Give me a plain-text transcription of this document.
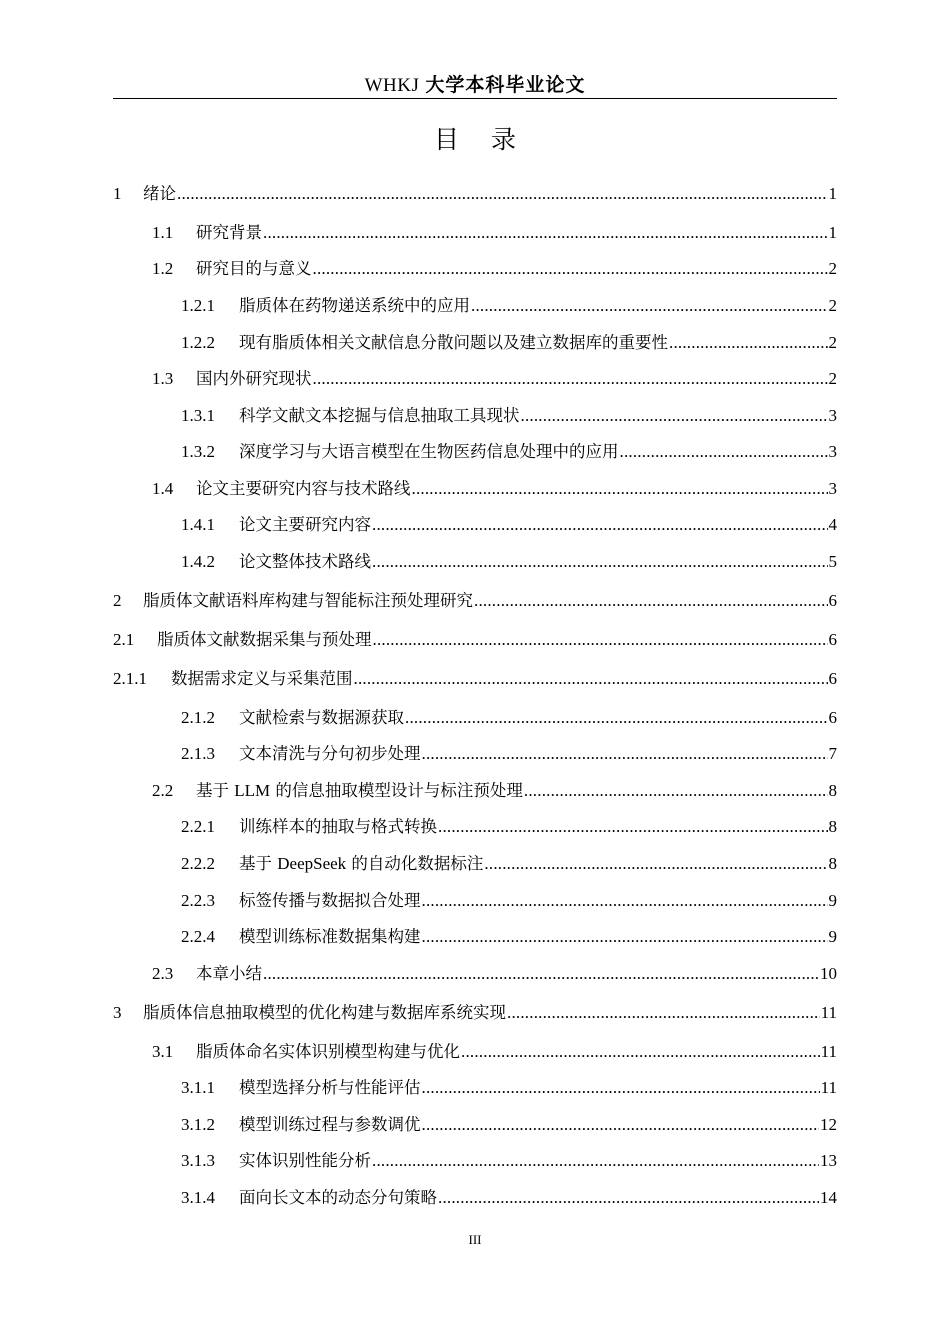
WHKJ 大学本科毕业论文
目录
1	绪论 .....	1
1.1	研究背景 .....	1
1.2	研究目的与意义 .....	2
1.2.1	脂质体在药物递送系统中的应用 .....	2
1.2.2	现有脂质体相关文献信息分散问题以及建立数据库的重要性 .....	2
1.3	国内外研究现状 .....	2
1.3.1	科学文献文本挖掘与信息抽取工具现状 .....	3
1.3.2	深度学习与大语言模型在生物医药信息处理中的应用 .....	3
1.4	论文主要研究内容与技术路线 .....	3
1.4.1	论文主要研究内容 .....	4
1.4.2	论文整体技术路线 .....	5
2	脂质体文献语料库构建与智能标注预处理研究 .....	6
2.1	脂质体文献数据采集与预处理 .....	6
2.1.1	数据需求定义与采集范围 .....	6
2.1.2	文献检索与数据源获取 .....	6
2.1.3	文本清洗与分句初步处理 .....	7
2.2	基于 LLM 的信息抽取模型设计与标注预处理 .....	8
2.2.1	训练样本的抽取与格式转换 .....	8
2.2.2	基于 DeepSeek 的自动化数据标注 .....	8
2.2.3	标签传播与数据拟合处理 .....	9
2.2.4	模型训练标准数据集构建 .....	9
2.3	本章小结 .....	10
3	脂质体信息抽取模型的优化构建与数据库系统实现 .....	11
3.1	脂质体命名实体识别模型构建与优化 .....	11
3.1.1	模型选择分析与性能评估 .....	11
3.1.2	模型训练过程与参数调优 .....	12
3.1.3	实体识别性能分析 .....	13
3.1.4	面向长文本的动态分句策略 .....	14
III
